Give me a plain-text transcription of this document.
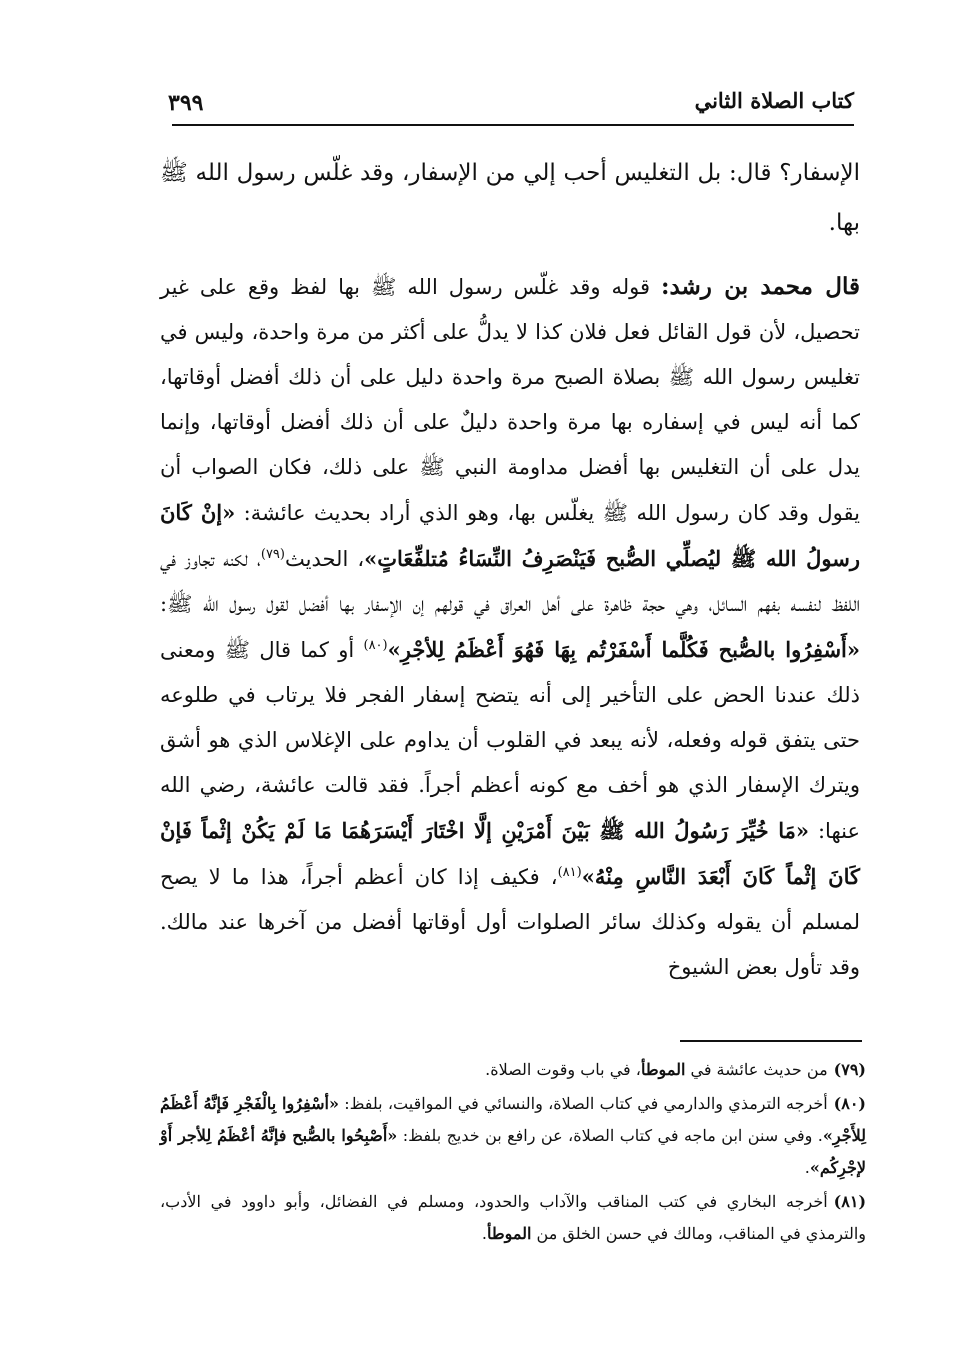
كتاب الصلاة الثاني
٣٩٩

الإسفار؟ قال: بل التغليس أحب إلي من الإسفار، وقد غلّس رسول الله ﷺ بها.

قال محمد بن رشد: قوله وقد غلّس رسول الله ﷺ بها لفظ وقع على غير تحصيل، لأن قول القائل فعل فلان كذا لا يدلُّ على أكثر من مرة واحدة، وليس في تغليس رسول الله ﷺ بصلاة الصبح مرة واحدة دليل على أن ذلك أفضل أوقاتها، كما أنه ليس في إسفاره بها مرة واحدة دليلٌ على أن ذلك أفضل أوقاتها، وإنما يدل على أن التغليس بها أفضل مداومة النبي ﷺ على ذلك، فكان الصواب أن يقول وقد كان رسول الله ﷺ يغلّس بها، وهو الذي أراد بحديث عائشة: «إنْ كَانَ رسولُ الله ﷺ ليُصلِّي الصُّبح فَيَنْصَرِفُ النِّسَاءُ مُتلفِّعَاتٍ»، الحديث$^{(٧٩)}$، لكنه تجاوز في اللفظ لنفسه بفهم السائل، وهي حجة ظاهرة على أهل العراق في قولهم إن الإسفار بها أفضل لقول رسول الله ﷺ: «أَسْفِرُوا بالصُّبح فَكُلَّما أَسْفَرْتُم بِهَا فَهُوَ أَعْظَمُ لِلأجْرِ»$^{(٨٠)}$ أو كما قال ﷺ ومعنى ذلك عندنا الحض على التأخير إلى أنه يتضح إسفار الفجر فلا يرتاب في طلوعه حتى يتفق قوله وفعله، لأنه يبعد في القلوب أن يداوم على الإغلاس الذي هو أشق ويترك الإسفار الذي هو أخف مع كونه أعظم أجراً. فقد قالت عائشة، رضي الله عنها: «مَا خُيِّرَ رَسُولُ الله ﷺ بَيْنَ أَمْرَيْنِ إلَّا اخْتَارَ أَيْسَرَهُمَا مَا لَمْ يَكُنْ إثْماً فَإنْ كَانَ إثْماً كَانَ أَبْعَدَ النَّاسِ مِنْهُ»$^{(٨١)}$، فكيف إذا كان أعظم أجراً، هذا ما لا يصح لمسلم أن يقوله وكذلك سائر الصلوات أول أوقاتها أفضل من آخرها عند مالك. وقد تأول بعض الشيوخ

(٧٩)من حديث عائشة في الموطأ، في باب وقوت الصلاة.

(٨٠)أخرجه الترمذي والدارمي في كتاب الصلاة، والنسائي في المواقيت، بلفظ: «أسْفِرُوا بِالْفَجْرِ فَإنَّهُ أَعْظَمُ لِلأَجْرِ». وفي سنن ابن ماجه في كتاب الصلاة، عن رافع بن خديج بلفظ: «أَصْبِحُوا بالصُّبح فإنَّهُ أعْظَمُ لِلأجر أَوْ لإجْرِكُم».

(٨١)أخرجه البخاري في كتب المناقب والآداب والحدود، ومسلم في الفضائل، وأبو داوود في الأدب، والترمذي في المناقب، ومالك في حسن الخلق من الموطأ.
